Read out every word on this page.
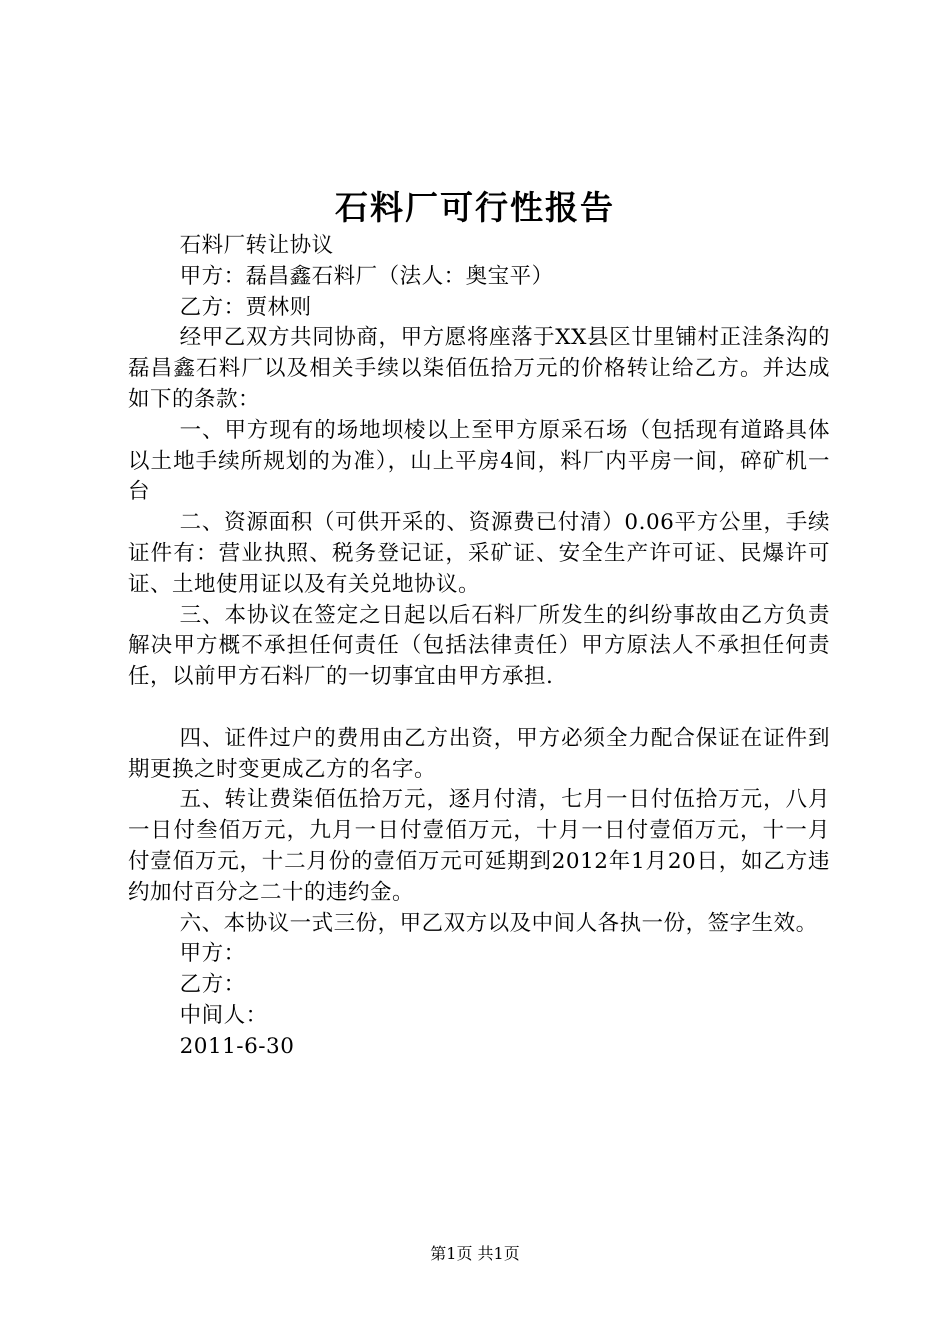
石料厂可行性报告

石料厂转让协议

甲方：磊昌鑫石料厂（法人：奥宝平）

乙方：贾林则

经甲乙双方共同协商，甲方愿将座落于XX县区廿里铺村正洼条沟的磊昌鑫石料厂以及相关手续以柒佰伍拾万元的价格转让给乙方。并达成如下的条款：

一、甲方现有的场地坝棱以上至甲方原采石场（包括现有道路具体以土地手续所规划的为准），山上平房4间，料厂内平房一间，碎矿机一台

二、资源面积（可供开采的、资源费已付清）0.06平方公里，手续证件有：营业执照、税务登记证，采矿证、安全生产许可证、民爆许可证、土地使用证以及有关兑地协议。

三、本协议在签定之日起以后石料厂所发生的纠纷事故由乙方负责解决甲方概不承担任何责任（包括法律责任）甲方原法人不承担任何责任，以前甲方石料厂的一切事宜由甲方承担.

四、证件过户的费用由乙方出资，甲方必须全力配合保证在证件到期更换之时变更成乙方的名字。

五、转让费柒佰伍拾万元，逐月付清，七月一日付伍拾万元，八月一日付叁佰万元，九月一日付壹佰万元，十月一日付壹佰万元，十一月付壹佰万元，十二月份的壹佰万元可延期到2012年1月20日，如乙方违约加付百分之二十的违约金。

六、本协议一式三份，甲乙双方以及中间人各执一份，签字生效。

甲方：

乙方：

中间人：

2011-6-30

第1页 共1页
